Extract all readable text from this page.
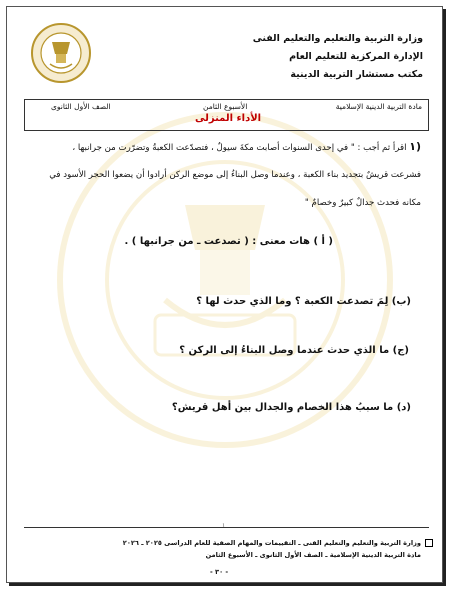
وزارة التربية والتعليم والتعليم الفنى
الإدارة المركزية للتعليم العام
مكتب مستشار التربية الدينية
مادة التربية الدينية الإسلامية
الأسبوع الثامن
الأداء المنزلى
الصف الأول الثانوى
(١ اقرأ ثم أجب : " في إحدى السنوات أصابت مكةَ سيولٌ ، فتصدّعت الكعبةُ وتضرّرت من جرانبها ،
فشرعت قريشٌ بتجديد بناء الكعبة ، وعندما وصل البناءُ إلى موضع الركن أرادوا أن يضعوا الحجر الأسود في
مكانه فحدث جدالٌ كبيرٌ وخصامٌ "
( أ ) هات معنى : ( تصدعت ـ من جرانبها ) .
(ب) لِمَ تصدعت الكعبة ؟ وما الذي حدث لها ؟
(ج) ما الذي حدث عندما وصل البناءُ إلى الركن ؟
(د) ما سببُ هذا الخصام والجدال بين أهل قريش؟
١
وزارة التربية والتعليم والتعليم الفنى ـ التقييمات والمهام الصفية للعام الدراسى ٢٠٢٥ ـ ٢٠٢٦
مادة التربية الدينية الإسلامية ـ الصف الأول الثانوى ـ الأسبوع الثامن
- ٣٠ -
